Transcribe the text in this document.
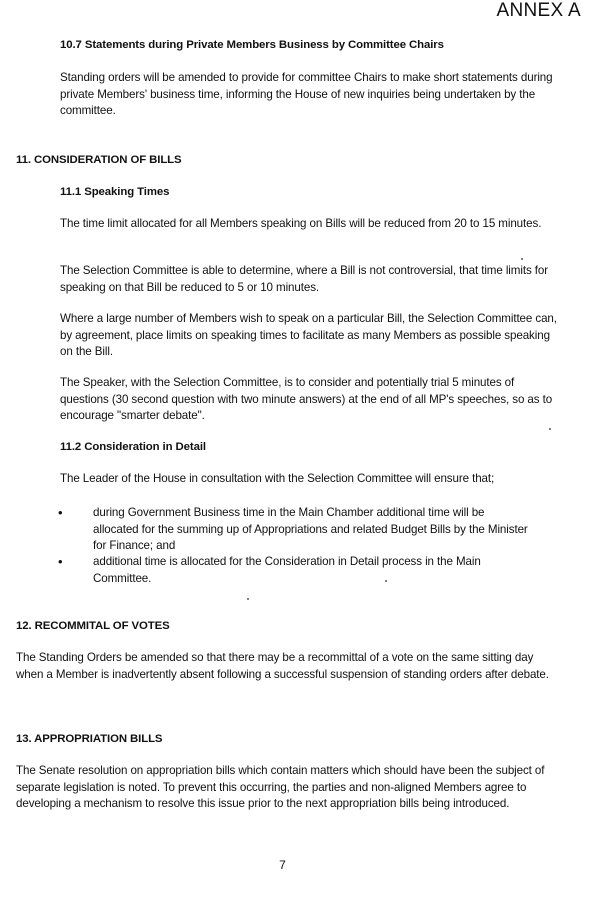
ANNEX A
10.7 Statements during Private Members Business by Committee Chairs
Standing orders will be amended to provide for committee Chairs to make short statements during private Members' business time, informing the House of new inquiries being undertaken by the committee.
11. CONSIDERATION OF BILLS
11.1 Speaking Times
The time limit allocated for all Members speaking on Bills will be reduced from 20 to 15 minutes.
The Selection Committee is able to determine, where a Bill is not controversial, that time limits for speaking on that Bill be reduced to 5 or 10 minutes.
Where a large number of Members wish to speak on a particular Bill, the Selection Committee can, by agreement, place limits on speaking times to facilitate as many Members as possible speaking on the Bill.
The Speaker, with the Selection Committee, is to consider and potentially trial 5 minutes of questions (30 second question with two minute answers) at the end of all MP's speeches, so as to encourage "smarter debate".
11.2 Consideration in Detail
The Leader of the House in consultation with the Selection Committee will ensure that;
•	during Government Business time in the Main Chamber additional time will be allocated for the summing up of Appropriations and related Budget Bills by the Minister for Finance; and
•	additional time is allocated for the Consideration in Detail process in the Main Committee.
12. RECOMMITAL OF VOTES
The Standing Orders be amended so that there may be a recommittal of a vote on the same sitting day when a Member is inadvertently absent following a successful suspension of standing orders after debate.
13. APPROPRIATION BILLS
The Senate resolution on appropriation bills which contain matters which should have been the subject of separate legislation is noted. To prevent this occurring, the parties and non-aligned Members agree to developing a mechanism to resolve this issue prior to the next appropriation bills being introduced.
7
